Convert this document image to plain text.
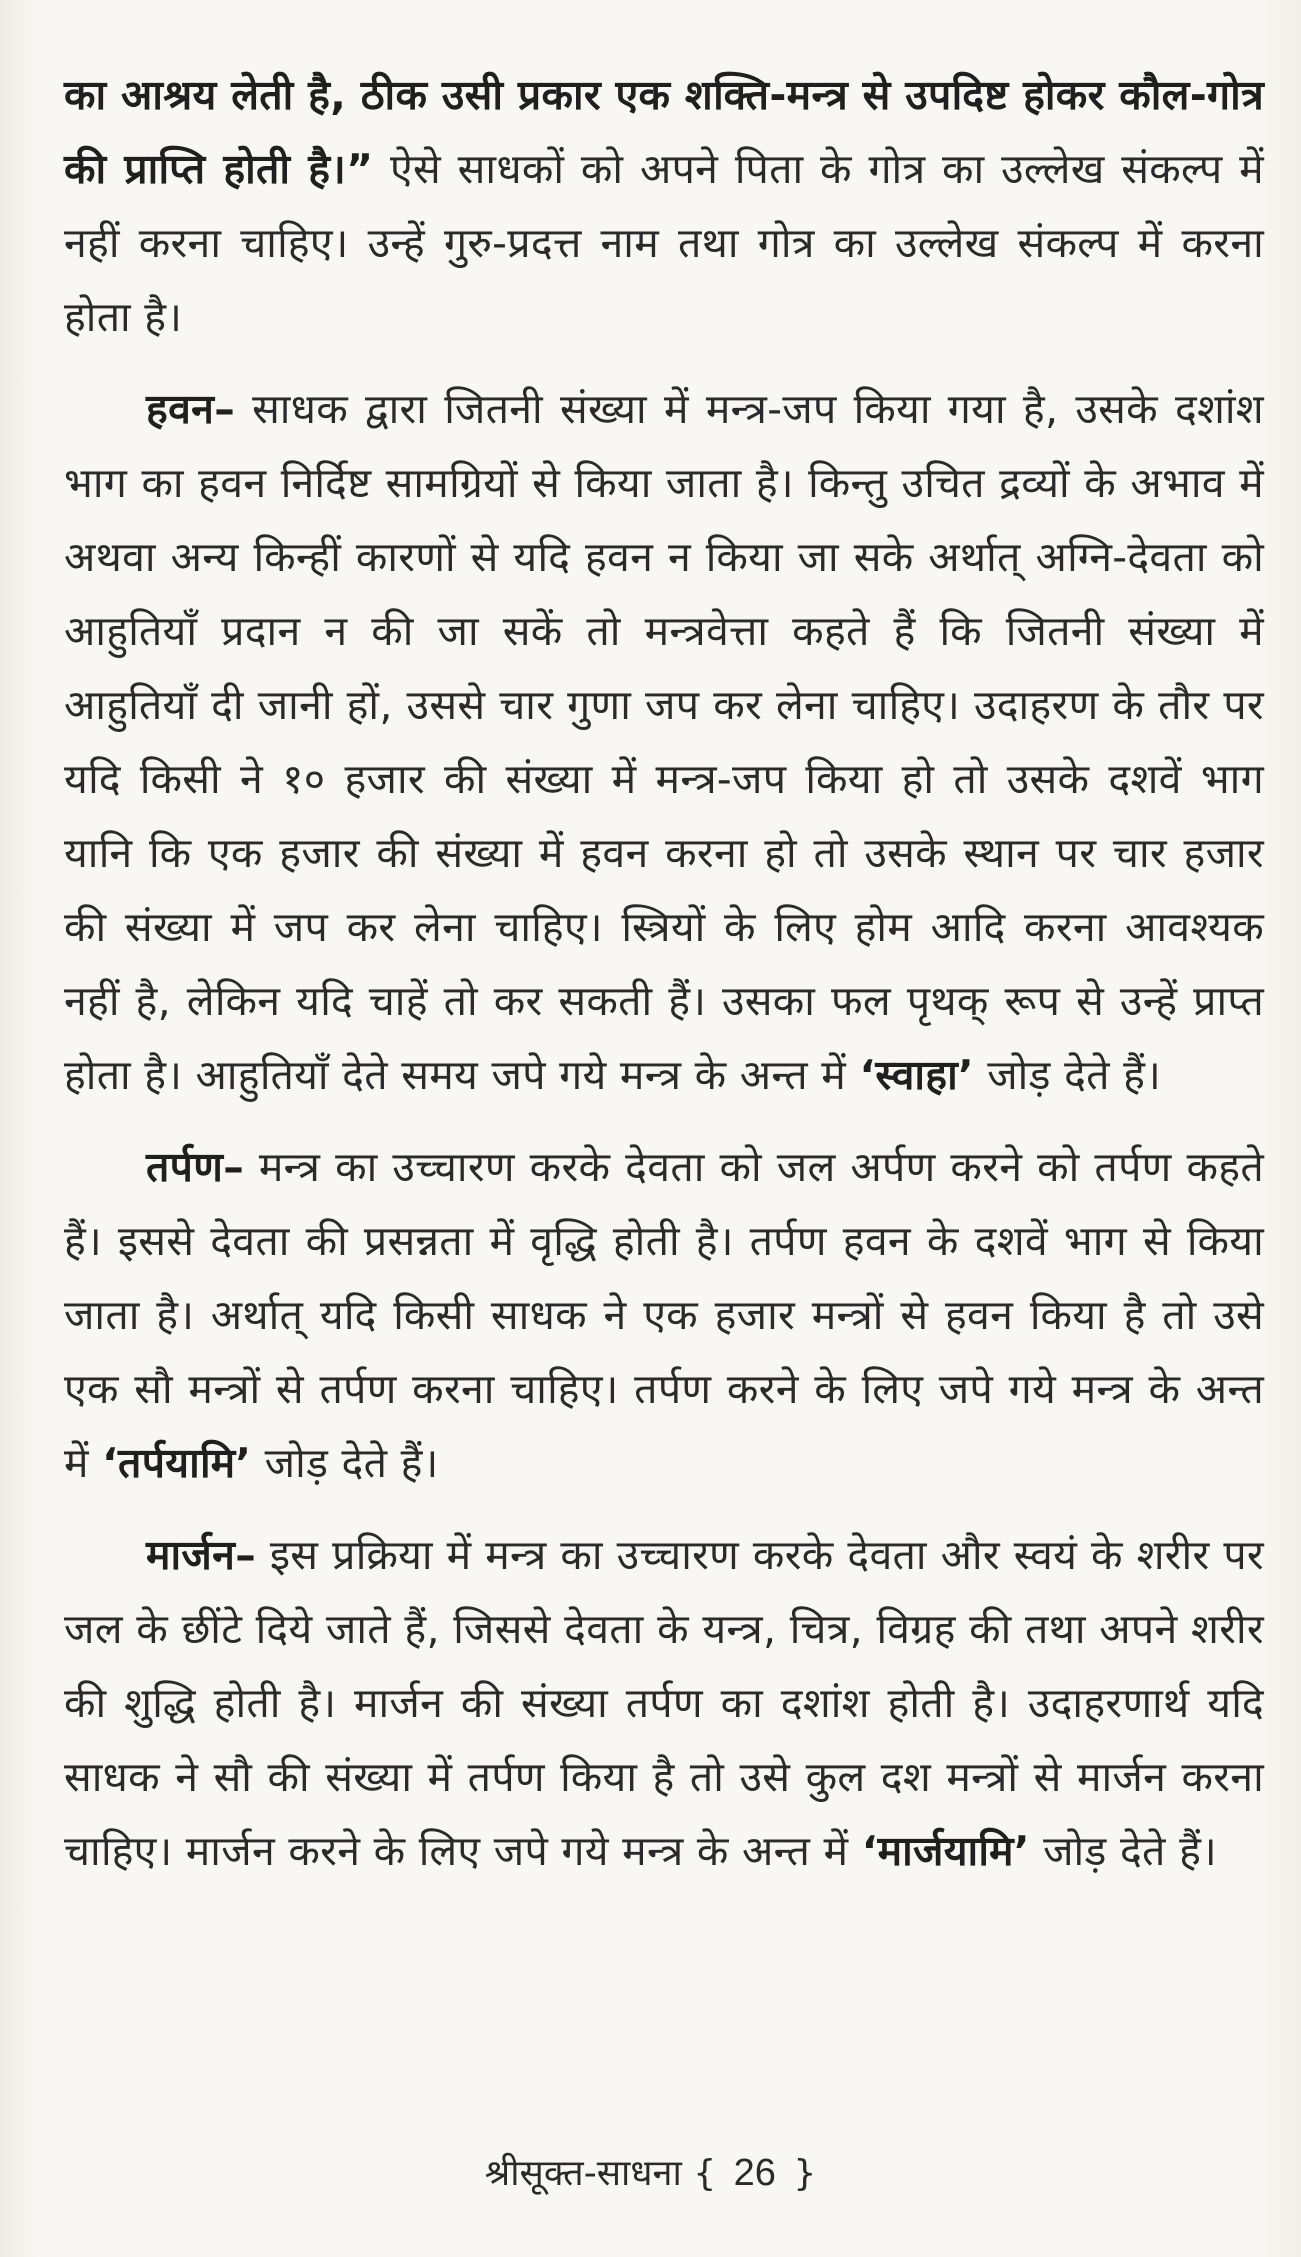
का आश्रय लेती है, ठीक उसी प्रकार एक शक्ति-मन्त्र से उपदिष्ट होकर कौल-गोत्र की प्राप्ति होती है।” ऐसे साधकों को अपने पिता के गोत्र का उल्लेख संकल्प में नहीं करना चाहिए। उन्हें गुरु-प्रदत्त नाम तथा गोत्र का उल्लेख संकल्प में करना होता है।

हवन– साधक द्वारा जितनी संख्या में मन्त्र-जप किया गया है, उसके दशांश भाग का हवन निर्दिष्ट सामग्रियों से किया जाता है। किन्तु उचित द्रव्यों के अभाव में अथवा अन्य किन्हीं कारणों से यदि हवन न किया जा सके अर्थात् अग्नि-देवता को आहुतियाँ प्रदान न की जा सकें तो मन्त्रवेत्ता कहते हैं कि जितनी संख्या में आहुतियाँ दी जानी हों, उससे चार गुणा जप कर लेना चाहिए। उदाहरण के तौर पर यदि किसी ने १० हजार की संख्या में मन्त्र-जप किया हो तो उसके दशवें भाग यानि कि एक हजार की संख्या में हवन करना हो तो उसके स्थान पर चार हजार की संख्या में जप कर लेना चाहिए। स्त्रियों के लिए होम आदि करना आवश्यक नहीं है, लेकिन यदि चाहें तो कर सकती हैं। उसका फल पृथक् रूप से उन्हें प्राप्त होता है। आहुतियाँ देते समय जपे गये मन्त्र के अन्त में ‘स्वाहा’ जोड़ देते हैं।

तर्पण– मन्त्र का उच्चारण करके देवता को जल अर्पण करने को तर्पण कहते हैं। इससे देवता की प्रसन्नता में वृद्धि होती है। तर्पण हवन के दशवें भाग से किया जाता है। अर्थात् यदि किसी साधक ने एक हजार मन्त्रों से हवन किया है तो उसे एक सौ मन्त्रों से तर्पण करना चाहिए। तर्पण करने के लिए जपे गये मन्त्र के अन्त में ‘तर्पयामि’ जोड़ देते हैं।

मार्जन– इस प्रक्रिया में मन्त्र का उच्चारण करके देवता और स्वयं के शरीर पर जल के छींटे दिये जाते हैं, जिससे देवता के यन्त्र, चित्र, विग्रह की तथा अपने शरीर की शुद्धि होती है। मार्जन की संख्या तर्पण का दशांश होती है। उदाहरणार्थ यदि साधक ने सौ की संख्या में तर्पण किया है तो उसे कुल दश मन्त्रों से मार्जन करना चाहिए। मार्जन करने के लिए जपे गये मन्त्र के अन्त में ‘मार्जयामि’ जोड़ देते हैं।

श्रीसूक्त-साधना { 26 }
